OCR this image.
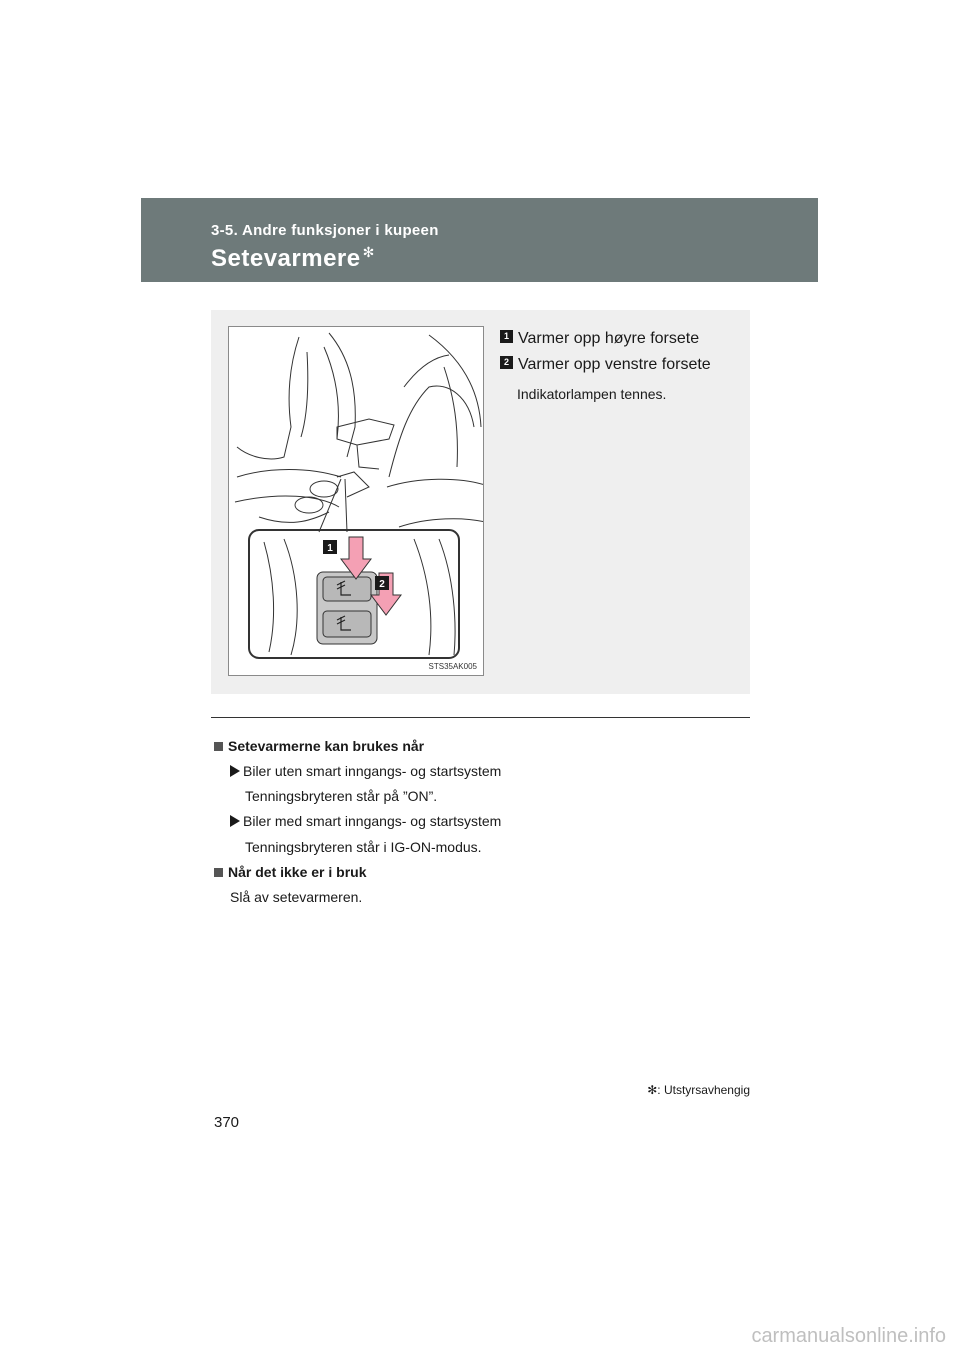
3-5. Andre funksjoner i kupeen
Setevarmere ✻
1
2
STS35AK005
1 Varmer opp høyre forsete
2 Varmer opp venstre forsete
Indikatorlampen tennes.
Setevarmerne kan brukes når
Biler uten smart inngangs- og startsystem
Tenningsbryteren står på ”ON”.
Biler med smart inngangs- og startsystem
Tenningsbryteren står i IG-ON-modus.
Når det ikke er i bruk
Slå av setevarmeren.
✻: Utstyrsavhengig
370
carmanualsonline.info
